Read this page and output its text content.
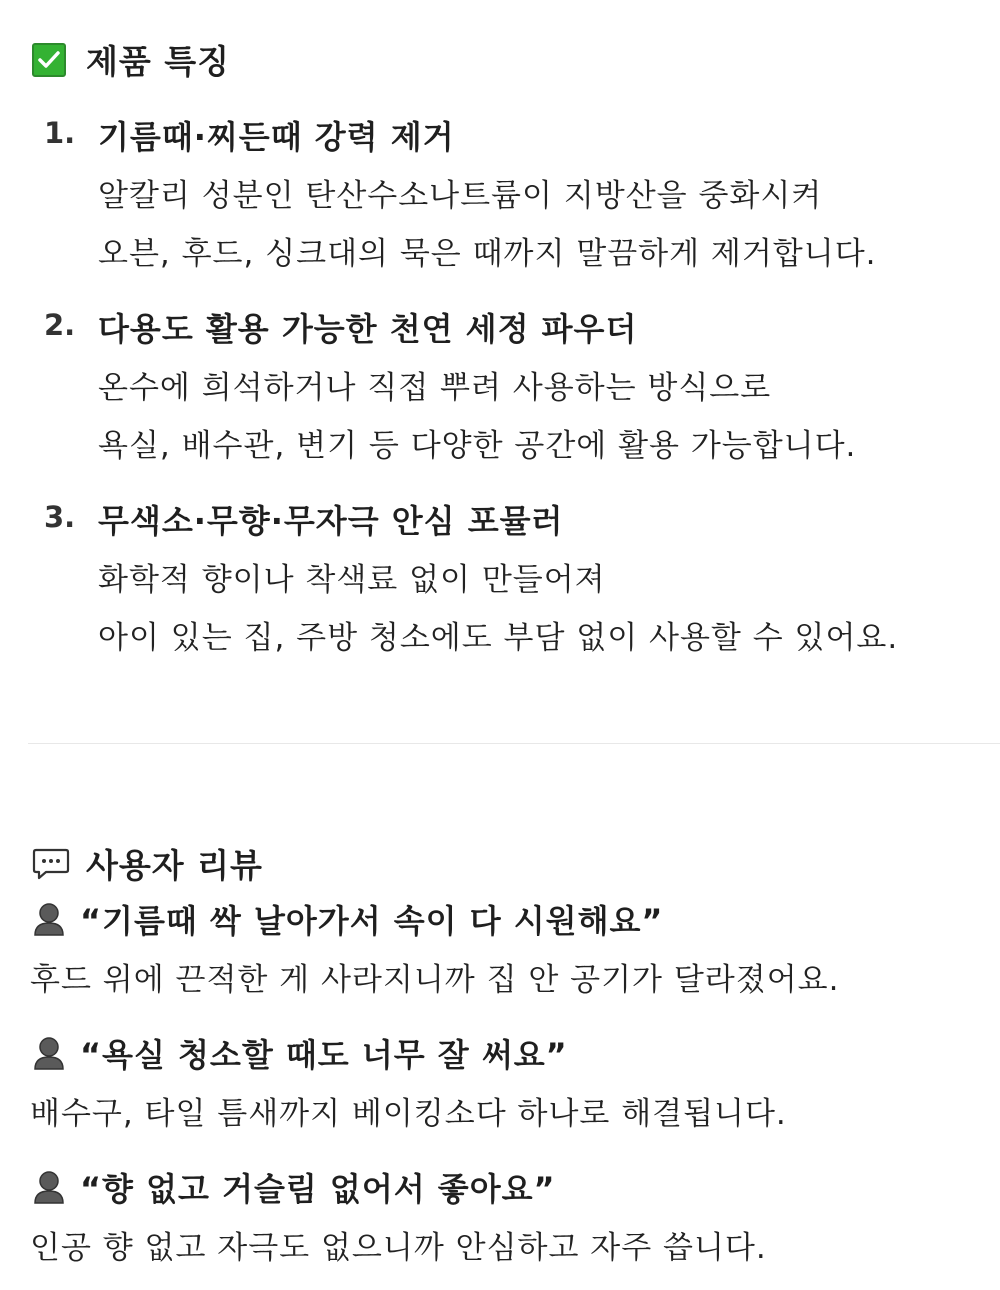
제품 특징
1. 기름때·찌든때 강력 제거
알칼리 성분인 탄산수소나트륨이 지방산을 중화시켜
오븐, 후드, 싱크대의 묵은 때까지 말끔하게 제거합니다.
2. 다용도 활용 가능한 천연 세정 파우더
온수에 희석하거나 직접 뿌려 사용하는 방식으로
욕실, 배수관, 변기 등 다양한 공간에 활용 가능합니다.
3. 무색소·무향·무자극 안심 포뮬러
화학적 향이나 착색료 없이 만들어져
아이 있는 집, 주방 청소에도 부담 없이 사용할 수 있어요.
사용자 리뷰
“기름때 싹 날아가서 속이 다 시원해요”
후드 위에 끈적한 게 사라지니까 집 안 공기가 달라졌어요.
“욕실 청소할 때도 너무 잘 써요”
배수구, 타일 틈새까지 베이킹소다 하나로 해결됩니다.
“향 없고 거슬림 없어서 좋아요”
인공 향 없고 자극도 없으니까 안심하고 자주 씁니다.
